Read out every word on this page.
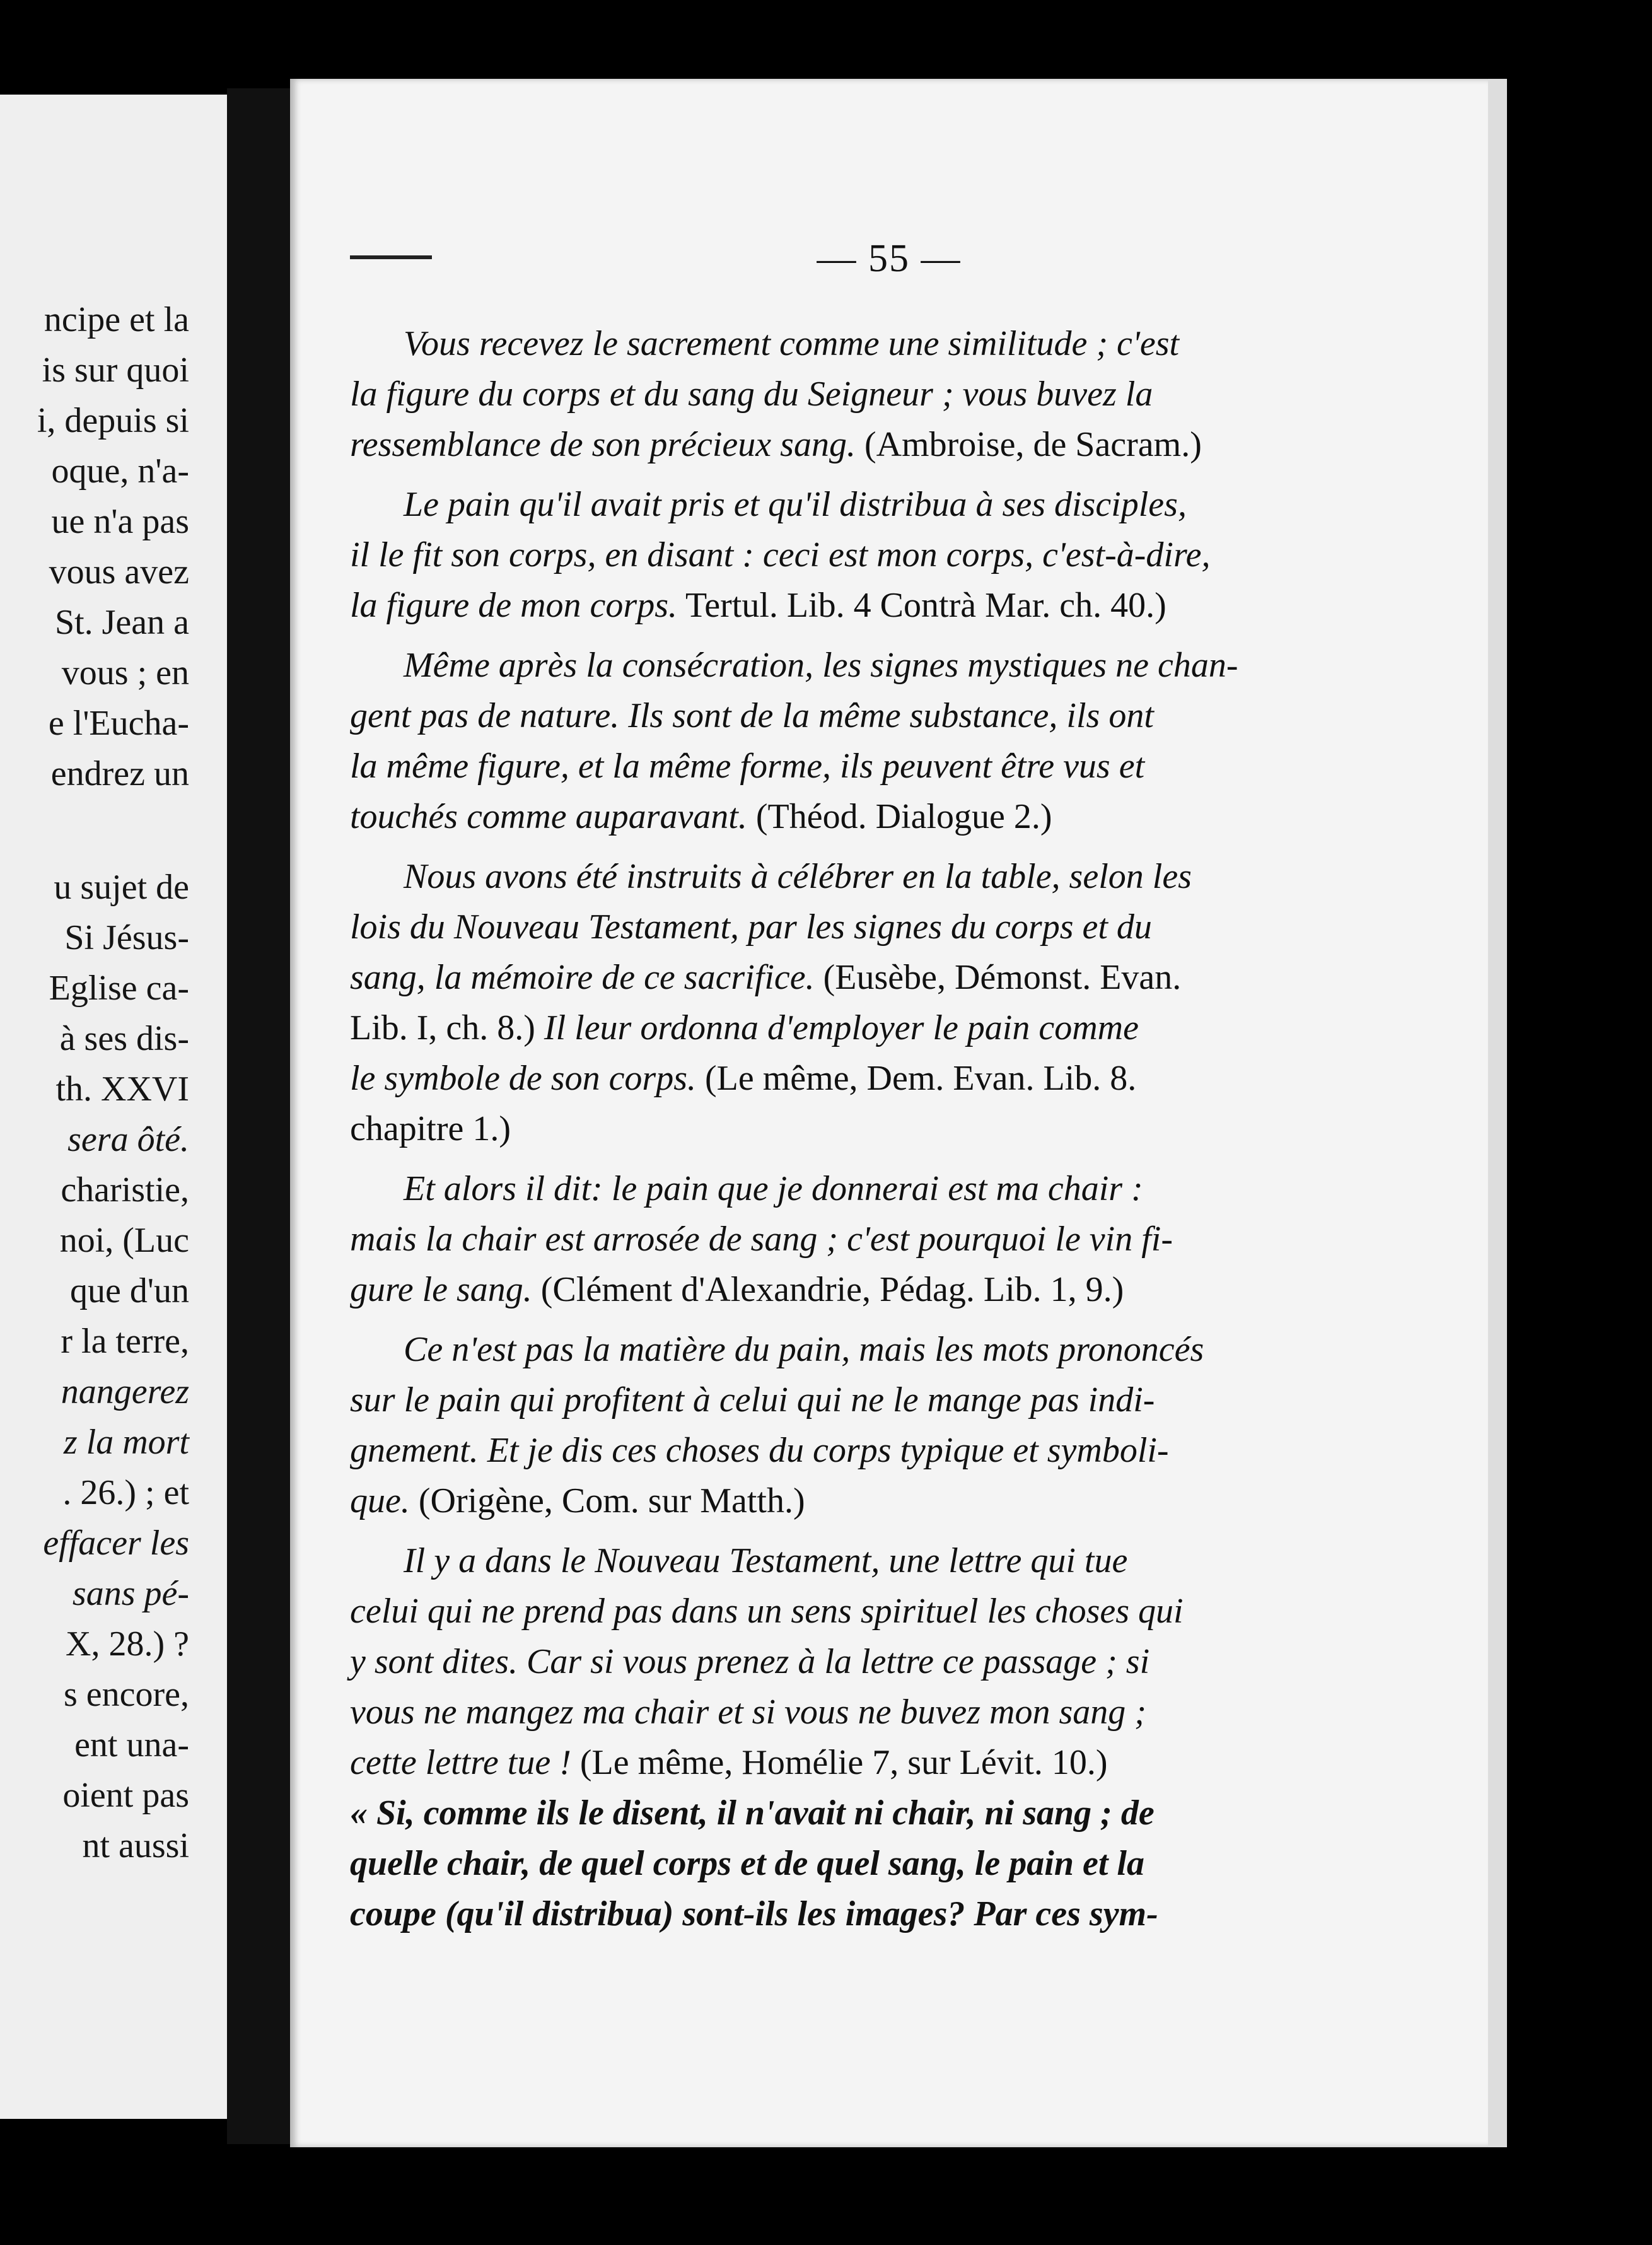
ncipe et la
is sur quoi
i, depuis si
oque, n'a-
ue n'a pas
vous avez
St. Jean a
vous ; en
e l'Eucha-
endrez un
u sujet de
Si Jésus-
Eglise ca-
à ses dis-
th. XXVI
sera ôté.
charistie,
noi, (Luc
que d'un
r la terre,
nangerez
z la mort
. 26.) ; et
effacer les
sans pé-
X, 28.) ?
s encore,
ent una-
oient pas
nt aussi
— 55 —
Vous recevez le sacrement comme une similitude ; c'est
la figure du corps et du sang du Seigneur ; vous buvez la
ressemblance de son précieux sang. (Ambroise, de Sacram.)
Le pain qu'il avait pris et qu'il distribua à ses disciples,
il le fit son corps, en disant : ceci est mon corps, c'est-à-dire,
la figure de mon corps. Tertul. Lib. 4 Contrà Mar. ch. 40.)
Même après la consécration, les signes mystiques ne chan-
gent pas de nature. Ils sont de la même substance, ils ont
la même figure, et la même forme, ils peuvent être vus et
touchés comme auparavant. (Théod. Dialogue 2.)
Nous avons été instruits à célébrer en la table, selon les
lois du Nouveau Testament, par les signes du corps et du
sang, la mémoire de ce sacrifice. (Eusèbe, Démonst. Evan.
Lib. I, ch. 8.) Il leur ordonna d'employer le pain comme
le symbole de son corps. (Le même, Dem. Evan. Lib. 8.
chapitre 1.)
Et alors il dit: le pain que je donnerai est ma chair :
mais la chair est arrosée de sang ; c'est pourquoi le vin fi-
gure le sang. (Clément d'Alexandrie, Pédag. Lib. 1, 9.)
Ce n'est pas la matière du pain, mais les mots prononcés
sur le pain qui profitent à celui qui ne le mange pas indi-
gnement. Et je dis ces choses du corps typique et symboli-
que. (Origène, Com. sur Matth.)
Il y a dans le Nouveau Testament, une lettre qui tue
celui qui ne prend pas dans un sens spirituel les choses qui
y sont dites. Car si vous prenez à la lettre ce passage ; si
vous ne mangez ma chair et si vous ne buvez mon sang ;
cette lettre tue ! (Le même, Homélie 7, sur Lévit. 10.)
« Si, comme ils le disent, il n'avait ni chair, ni sang ; de
quelle chair, de quel corps et de quel sang, le pain et la
coupe (qu'il distribua) sont-ils les images? Par ces sym-
